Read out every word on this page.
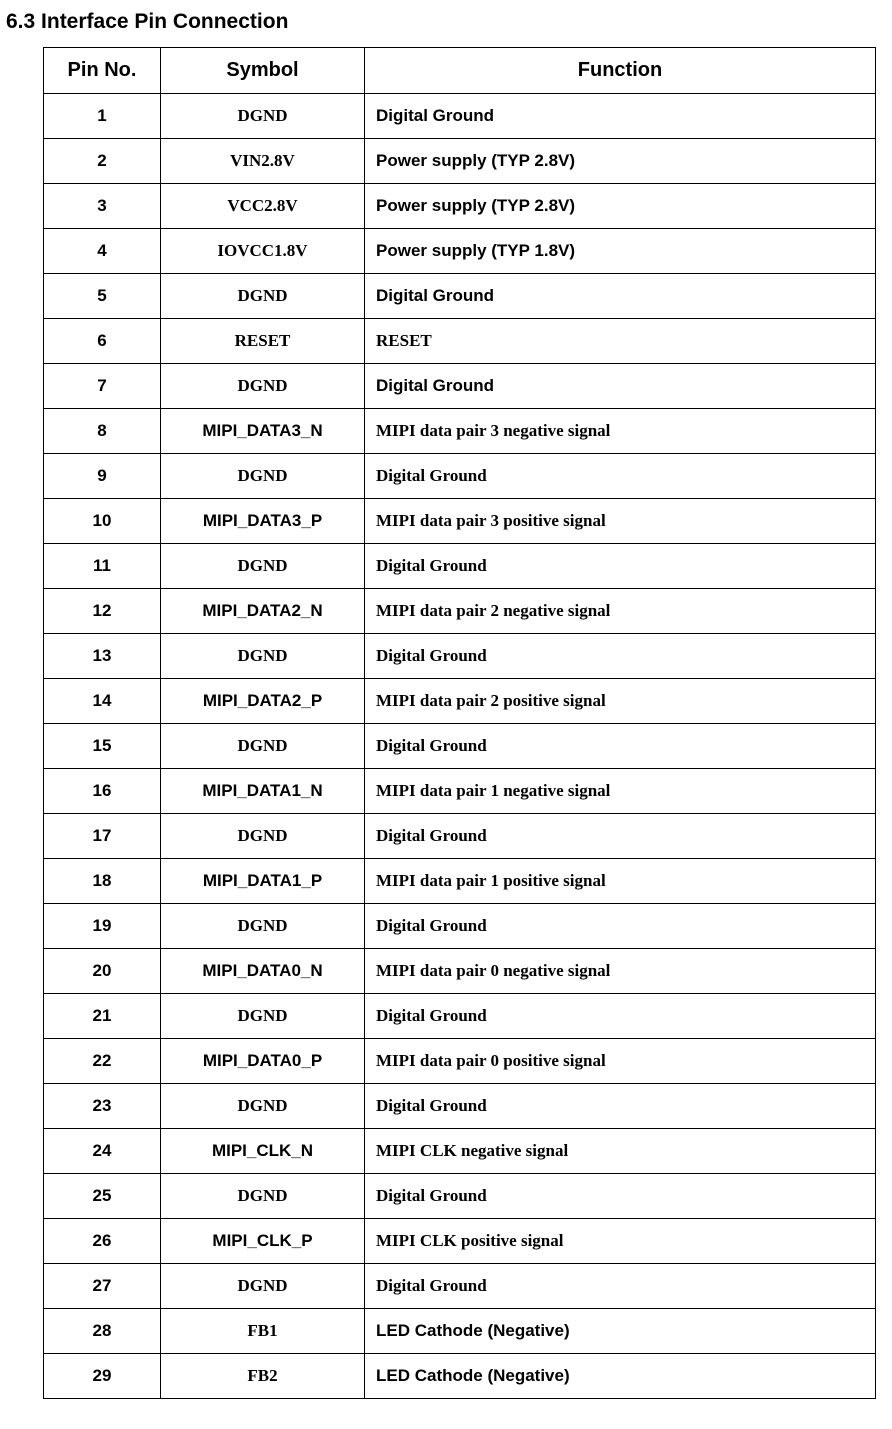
6.3 Interface Pin Connection
Pin No.	Symbol	Function
1	DGND	Digital Ground
2	VIN2.8V	Power supply (TYP 2.8V)
3	VCC2.8V	Power supply (TYP 2.8V)
4	IOVCC1.8V	Power supply (TYP 1.8V)
5	DGND	Digital Ground
6	RESET	RESET
7	DGND	Digital Ground
8	MIPI_DATA3_N	MIPI data pair 3 negative signal
9	DGND	Digital Ground
10	MIPI_DATA3_P	MIPI data pair 3 positive signal
11	DGND	Digital Ground
12	MIPI_DATA2_N	MIPI data pair 2 negative signal
13	DGND	Digital Ground
14	MIPI_DATA2_P	MIPI data pair 2 positive signal
15	DGND	Digital Ground
16	MIPI_DATA1_N	MIPI data pair 1 negative signal
17	DGND	Digital Ground
18	MIPI_DATA1_P	MIPI data pair 1 positive signal
19	DGND	Digital Ground
20	MIPI_DATA0_N	MIPI data pair 0 negative signal
21	DGND	Digital Ground
22	MIPI_DATA0_P	MIPI data pair 0 positive signal
23	DGND	Digital Ground
24	MIPI_CLK_N	MIPI CLK negative signal
25	DGND	Digital Ground
26	MIPI_CLK_P	MIPI CLK positive signal
27	DGND	Digital Ground
28	FB1	LED Cathode (Negative)
29	FB2	LED Cathode (Negative)
